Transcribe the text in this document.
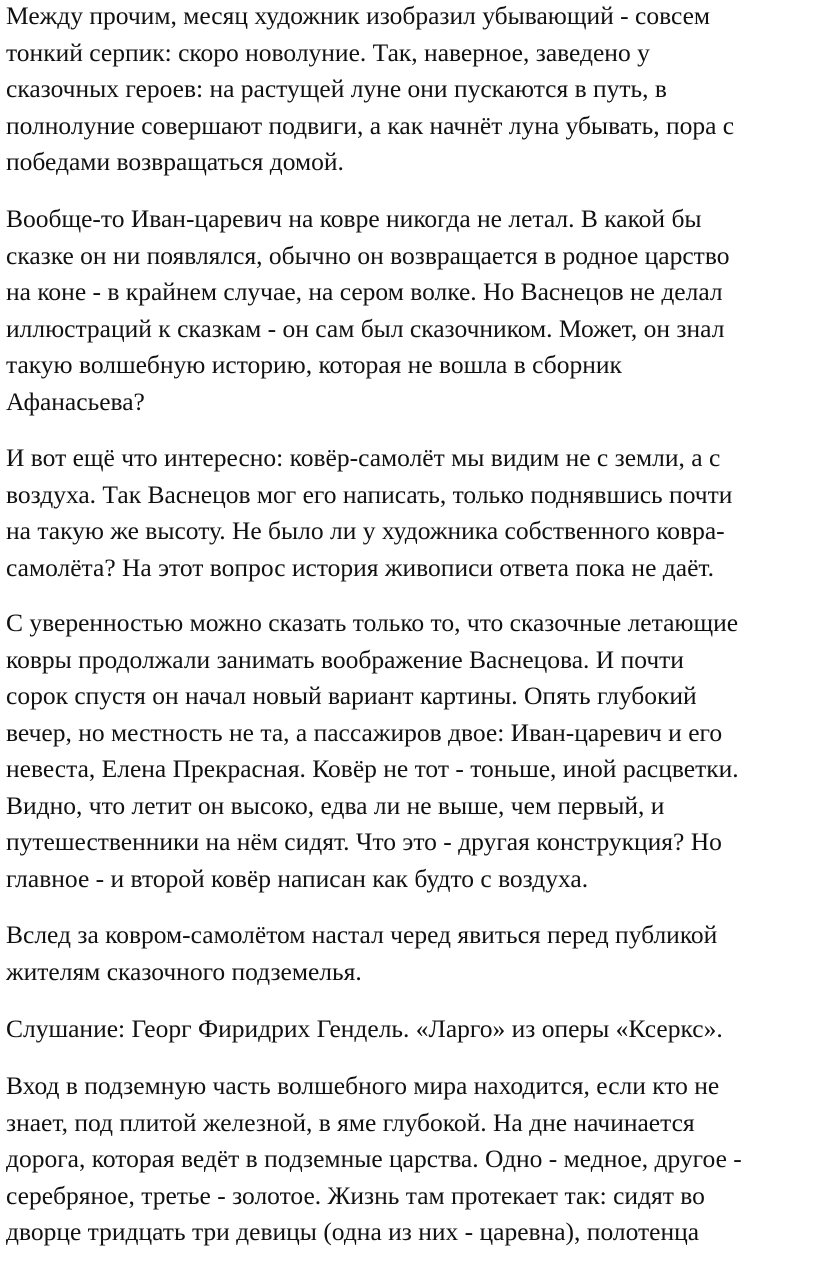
Между прочим, месяц художник изобразил убывающий - совсем
тонкий серпик: скоро новолуние. Так, наверное, заведено у
сказочных героев: на растущей луне они пускаются в путь, в
полнолуние совершают подвиги, а как начнёт луна убывать, пора с
победами возвращаться домой.

Вообще-то Иван-царевич на ковре никогда не летал. В какой бы
сказке он ни появлялся, обычно он возвращается в родное царство
на коне - в крайнем случае, на сером волке. Но Васнецов не делал
иллюстраций к сказкам - он сам был сказочником. Может, он знал
такую волшебную историю, которая не вошла в сборник
Афанасьева?

И вот ещё что интересно: ковёр-самолёт мы видим не с земли, а с
воздуха. Так Васнецов мог его написать, только поднявшись почти
на такую же высоту. Не было ли у художника собственного ковра-
самолёта? На этот вопрос история живописи ответа пока не даёт.

С уверенностью можно сказать только то, что сказочные летающие
ковры продолжали занимать воображение Васнецова. И почти
сорок спустя он начал новый вариант картины. Опять глубокий
вечер, но местность не та, а пассажиров двое: Иван-царевич и его
невеста, Елена Прекрасная. Ковёр не тот - тоньше, иной расцветки.
Видно, что летит он высоко, едва ли не выше, чем первый, и
путешественники на нём сидят. Что это - другая конструкция? Но
главное - и второй ковёр написан как будто с воздуха.

Вслед за ковром-самолётом настал черед явиться перед публикой
жителям сказочного подземелья.

Слушание: Георг Фиридрих Гендель. «Ларго» из оперы «Ксеркс».

Вход в подземную часть волшебного мира находится, если кто не
знает, под плитой железной, в яме глубокой. На дне начинается
дорога, которая ведёт в подземные царства. Одно - медное, другое -
серебряное, третье - золотое. Жизнь там протекает так: сидят во
дворце тридцать три девицы (одна из них - царевна), полотенца
